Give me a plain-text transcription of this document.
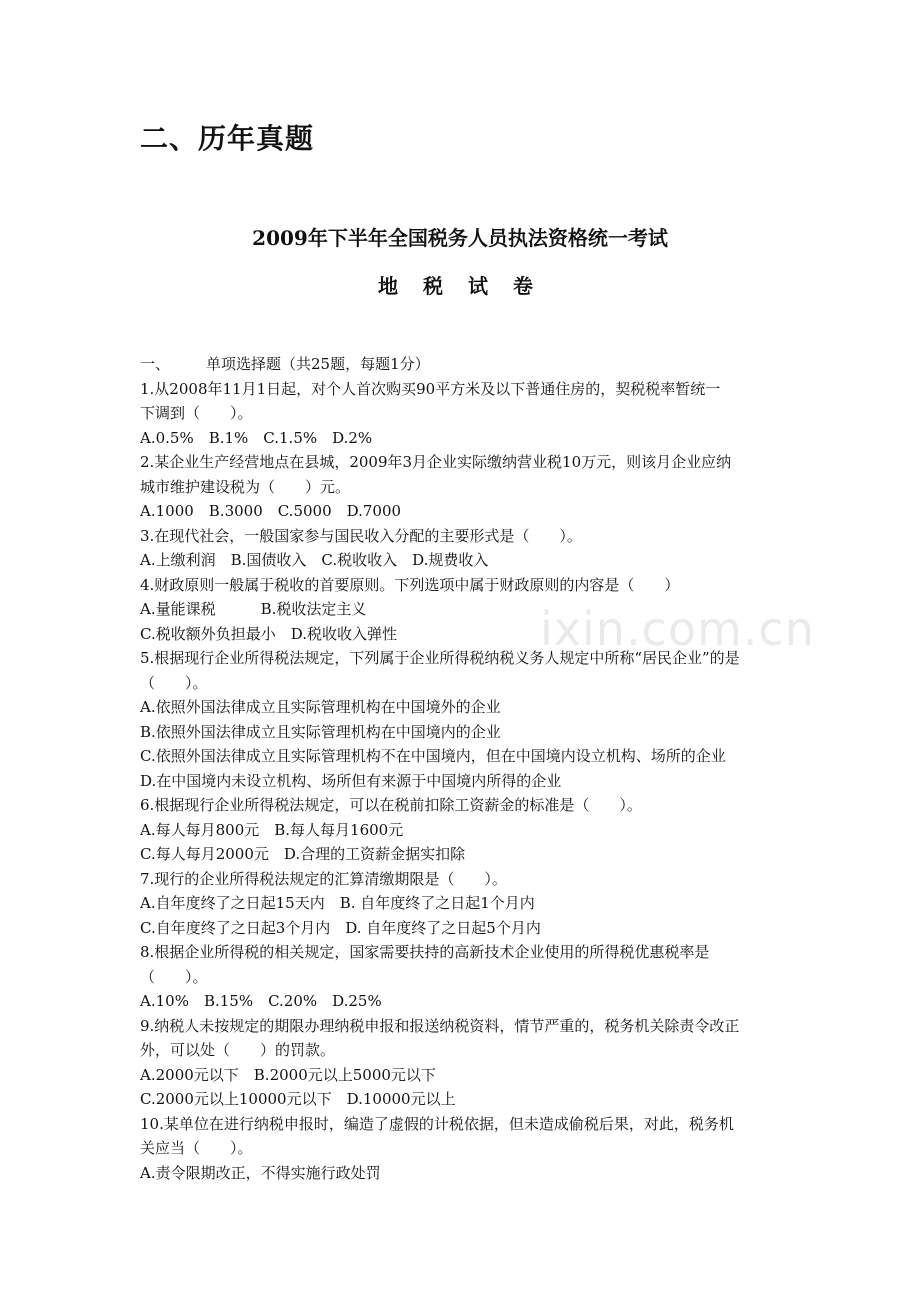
二、历年真题
2009年下半年全国税务人员执法资格统一考试
地 税 试 卷
一、 单项选择题（共25题，每题1分）
1.从2008年11月1日起，对个人首次购买90平方米及以下普通住房的，契税税率暂统一
下调到（　　）。
A.0.5%　B.1%　C.1.5%　D.2%
2.某企业生产经营地点在县城，2009年3月企业实际缴纳营业税10万元，则该月企业应纳
城市维护建设税为（　　）元。
A.1000　B.3000　C.5000　D.7000
3.在现代社会，一般国家参与国民收入分配的主要形式是（　　）。
A.上缴利润　B.国债收入　C.税收收入　D.规费收入
4.财政原则一般属于税收的首要原则。下列选项中属于财政原则的内容是（　　）
A.量能课税　　　B.税收法定主义
C.税收额外负担最小　D.税收收入弹性
5.根据现行企业所得税法规定，下列属于企业所得税纳税义务人规定中所称“居民企业”的是
（　　）。
A.依照外国法律成立且实际管理机构在中国境外的企业
B.依照外国法律成立且实际管理机构在中国境内的企业
C.依照外国法律成立且实际管理机构不在中国境内，但在中国境内设立机构、场所的企业
D.在中国境内未设立机构、场所但有来源于中国境内所得的企业
6.根据现行企业所得税法规定，可以在税前扣除工资薪金的标准是（　　）。
A.每人每月800元　B.每人每月1600元
C.每人每月2000元　D.合理的工资薪金据实扣除
7.现行的企业所得税法规定的汇算清缴期限是（　　）。
A.自年度终了之日起15天内　B. 自年度终了之日起1个月内
C.自年度终了之日起3个月内　D. 自年度终了之日起5个月内
8.根据企业所得税的相关规定，国家需要扶持的高新技术企业使用的所得税优惠税率是
（　　）。
A.10%　B.15%　C.20%　D.25%
9.纳税人未按规定的期限办理纳税申报和报送纳税资料，情节严重的，税务机关除责令改正
外，可以处（　　）的罚款。
A.2000元以下　B.2000元以上5000元以下
C.2000元以上10000元以下　D.10000元以上
10.某单位在进行纳税申报时，编造了虚假的计税依据，但未造成偷税后果，对此，税务机
关应当（　　）。
A.责令限期改正，不得实施行政处罚
ixin.com.cn
